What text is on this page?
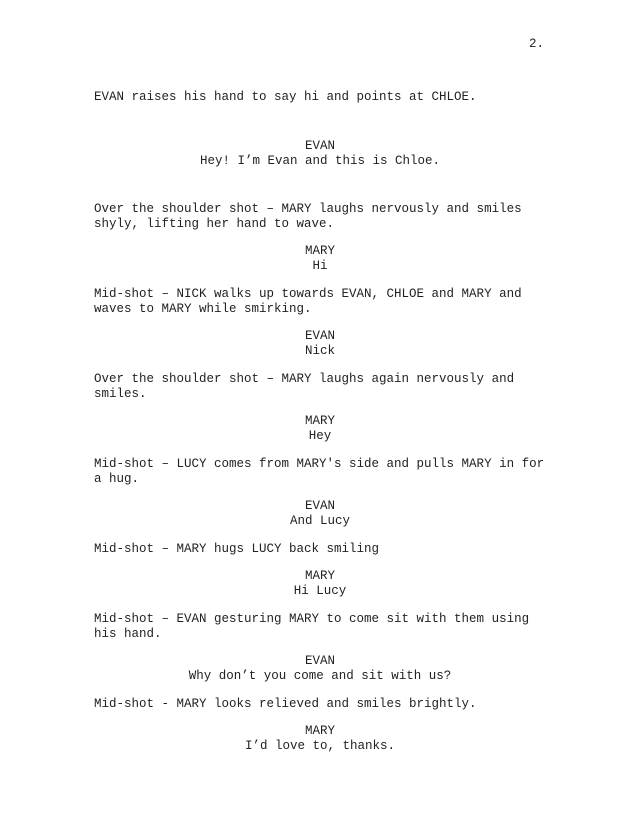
2.

EVAN raises his hand to say hi and points at CHLOE.

EVAN
Hey! I’m Evan and this is Chloe.

Over the shoulder shot – MARY laughs nervously and smiles shyly, lifting her hand to wave.

MARY
Hi

Mid-shot – NICK walks up towards EVAN, CHLOE and MARY and waves to MARY while smirking.

EVAN
Nick

Over the shoulder shot – MARY laughs again nervously and smiles.

MARY
Hey

Mid-shot – LUCY comes from MARY's side and pulls MARY in for a hug.

EVAN
And Lucy

Mid-shot – MARY hugs LUCY back smiling

MARY
Hi Lucy

Mid-shot – EVAN gesturing MARY to come sit with them using his hand.

EVAN
Why don’t you come and sit with us?

Mid-shot - MARY looks relieved and smiles brightly.

MARY
I’d love to, thanks.
